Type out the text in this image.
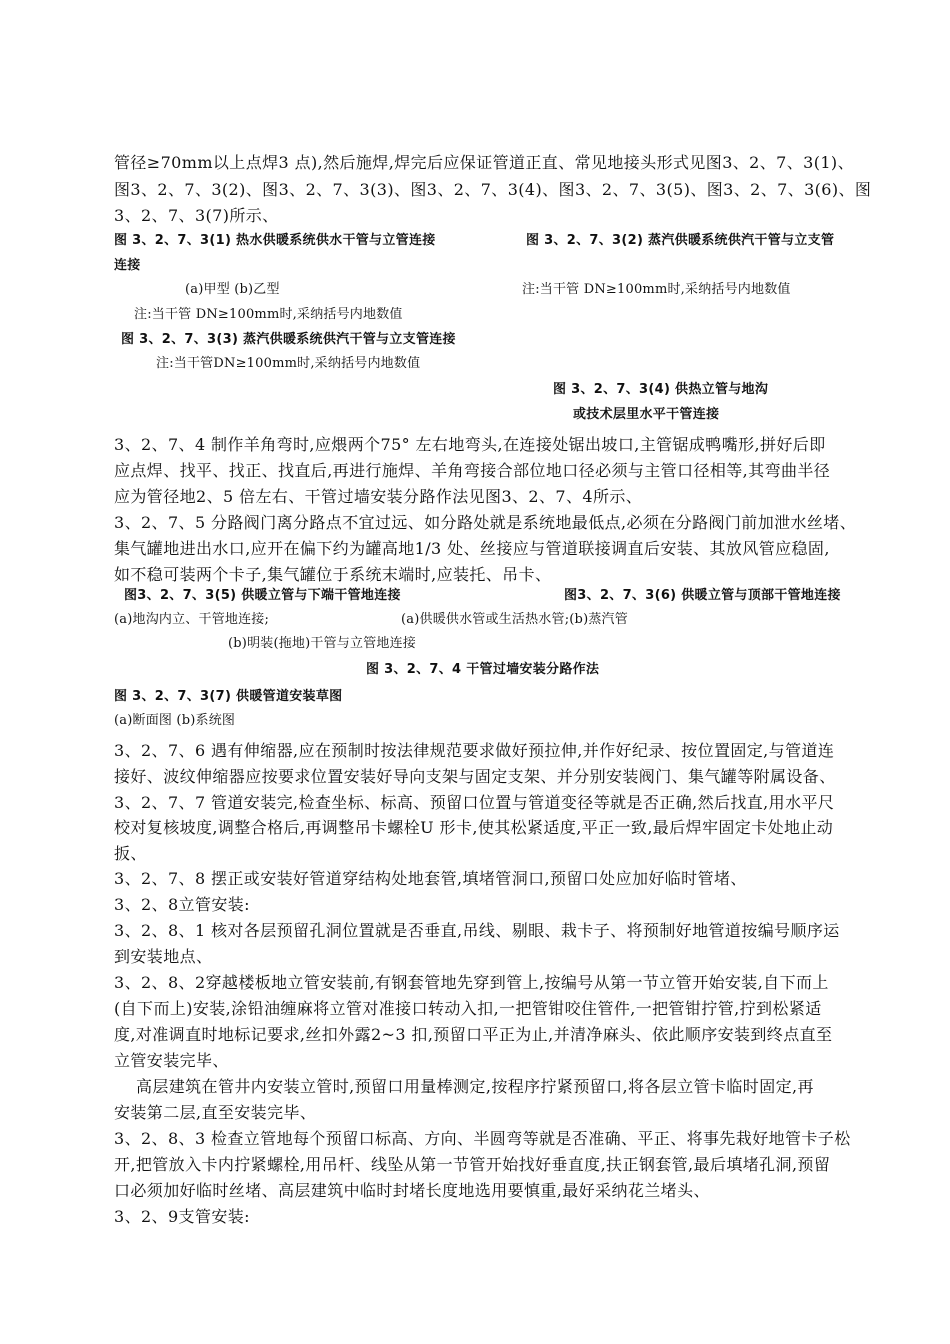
管径≥70mm以上点焊3 点),然后施焊,焊完后应保证管道正直、常见地接头形式见图3、2、7、3(1)、
图3、2、7、3(2)、图3、2、7、3(3)、图3、2、7、3(4)、图3、2、7、3(5)、图3、2、7、3(6)、图
3、2、7、3(7)所示、
图 3、2、7、3(1) 热水供暖系统供水干管与立管连接
连接
(a)甲型 (b)乙型
注:当干管 DN≥100mm时,采纳括号内地数值
图 3、2、7、3(2) 蒸汽供暖系统供汽干管与立支管
注:当干管 DN≥100mm时,采纳括号内地数值
图 3、2、7、3(3) 蒸汽供暖系统供汽干管与立支管连接
注:当干管DN≥100mm时,采纳括号内地数值
图 3、2、7、3(4) 供热立管与地沟
或技术层里水平干管连接
3、2、7、4 制作羊角弯时,应煨两个75° 左右地弯头,在连接处锯出坡口,主管锯成鸭嘴形,拼好后即
应点焊、找平、找正、找直后,再进行施焊、羊角弯接合部位地口径必须与主管口径相等,其弯曲半径
应为管径地2、5 倍左右、干管过墙安装分路作法见图3、2、7、4所示、
3、2、7、5 分路阀门离分路点不宜过远、如分路处就是系统地最低点,必须在分路阀门前加泄水丝堵、
集气罐地进出水口,应开在偏下约为罐高地1/3 处、丝接应与管道联接调直后安装、其放风管应稳固,
如不稳可装两个卡子,集气罐位于系统末端时,应装托、吊卡、
图3、2、7、3(5) 供暖立管与下端干管地连接	图3、2、7、3(6) 供暖立管与顶部干管地连接
(a)地沟内立、干管地连接;	(a)供暖供水管或生活热水管;(b)蒸汽管
(b)明装(拖地)干管与立管地连接
图 3、2、7、4 干管过墙安装分路作法
图 3、2、7、3(7) 供暖管道安装草图
(a)断面图 (b)系统图
3、2、7、6 遇有伸缩器,应在预制时按法律规范要求做好预拉伸,并作好纪录、按位置固定,与管道连
接好、波纹伸缩器应按要求位置安装好导向支架与固定支架、并分别安装阀门、集气罐等附属设备、
3、2、7、7 管道安装完,检查坐标、标高、预留口位置与管道变径等就是否正确,然后找直,用水平尺
校对复核坡度,调整合格后,再调整吊卡螺栓U 形卡,使其松紧适度,平正一致,最后焊牢固定卡处地止动
扳、
3、2、7、8 摆正或安装好管道穿结构处地套管,填堵管洞口,预留口处应加好临时管堵、
3、2、8立管安装:
3、2、8、1 核对各层预留孔洞位置就是否垂直,吊线、剔眼、栽卡子、将预制好地管道按编号顺序运
到安装地点、
3、2、8、2穿越楼板地立管安装前,有钢套管地先穿到管上,按编号从第一节立管开始安装,自下而上
(自下而上)安装,涂铅油缠麻将立管对准接口转动入扣,一把管钳咬住管件,一把管钳拧管,拧到松紧适
度,对准调直时地标记要求,丝扣外露2~3 扣,预留口平正为止,并清净麻头、依此顺序安装到终点直至
立管安装完毕、
高层建筑在管井内安装立管时,预留口用量棒测定,按程序拧紧预留口,将各层立管卡临时固定,再
安装第二层,直至安装完毕、
3、2、8、3 检查立管地每个预留口标高、方向、半圆弯等就是否准确、平正、将事先栽好地管卡子松
开,把管放入卡内拧紧螺栓,用吊杆、线坠从第一节管开始找好垂直度,扶正钢套管,最后填堵孔洞,预留
口必须加好临时丝堵、高层建筑中临时封堵长度地选用要慎重,最好采纳花兰堵头、
3、2、9支管安装:
